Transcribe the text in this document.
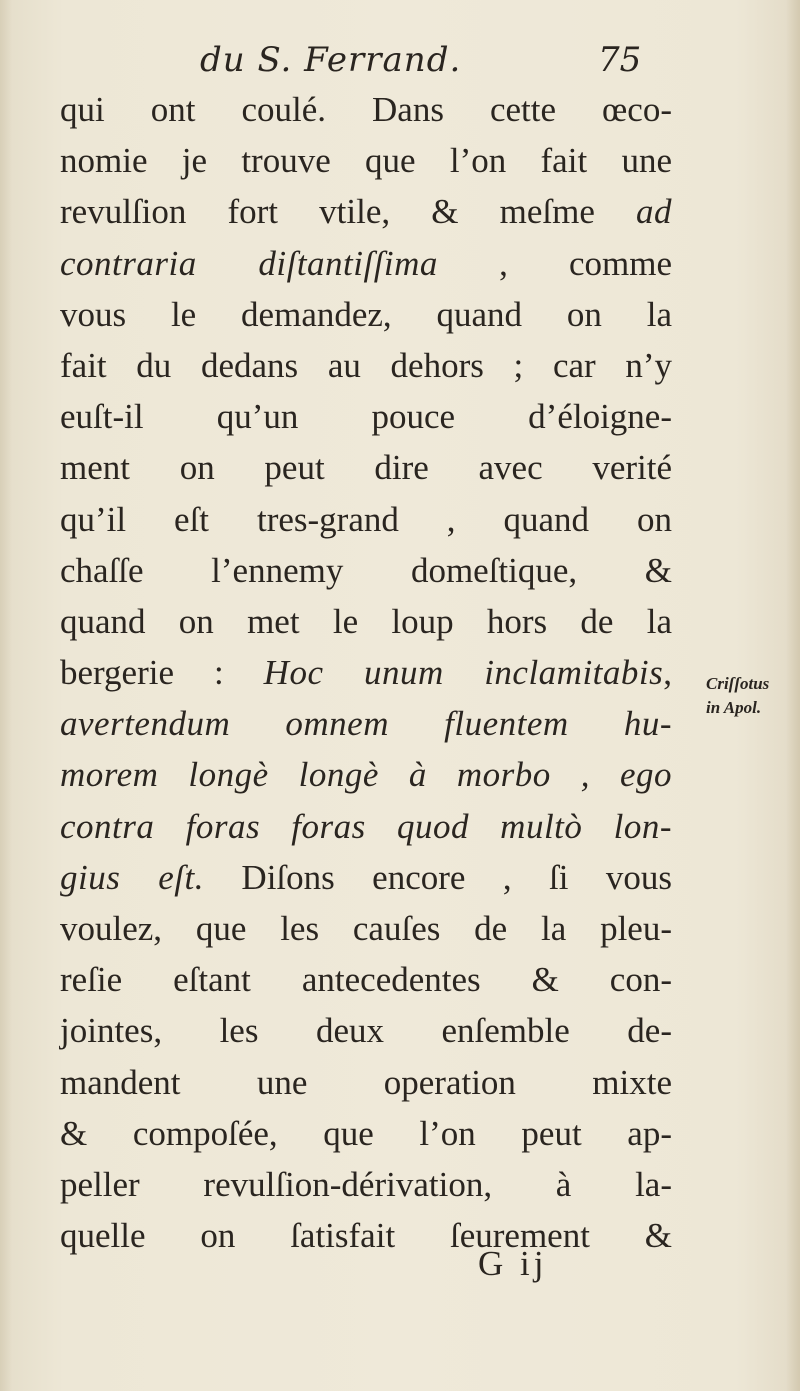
du S. Ferrand.	75
qui ont coulé. Dans cette œco-
nomie je trouve que l’on fait une
revulſion fort vtile, & meſme ad
contraria diſtantiſſima , comme
vous le demandez, quand on la
fait du dedans au dehors ; car n’y
euſt-il qu’un pouce d’éloigne-
ment on peut dire avec verité
qu’il eſt tres-grand , quand on
chaſſe l’ennemy domeſtique, &
quand on met le loup hors de la
bergerie : Hoc unum inclamitabis,
avertendum omnem fluentem hu-
morem longè longè à morbo , ego
contra foras foras quod multò lon-
gius eſt. Diſons encore , ſi vous
voulez, que les cauſes de la pleu-
reſie eſtant antecedentes & con-
jointes, les deux enſemble de-
mandent une operation mixte
& compoſée, que l’on peut ap-
peller revulſion-dérivation, à la-
quelle on ſatisfait ſeurement &
Criſſotus
in Apol.
G ij
